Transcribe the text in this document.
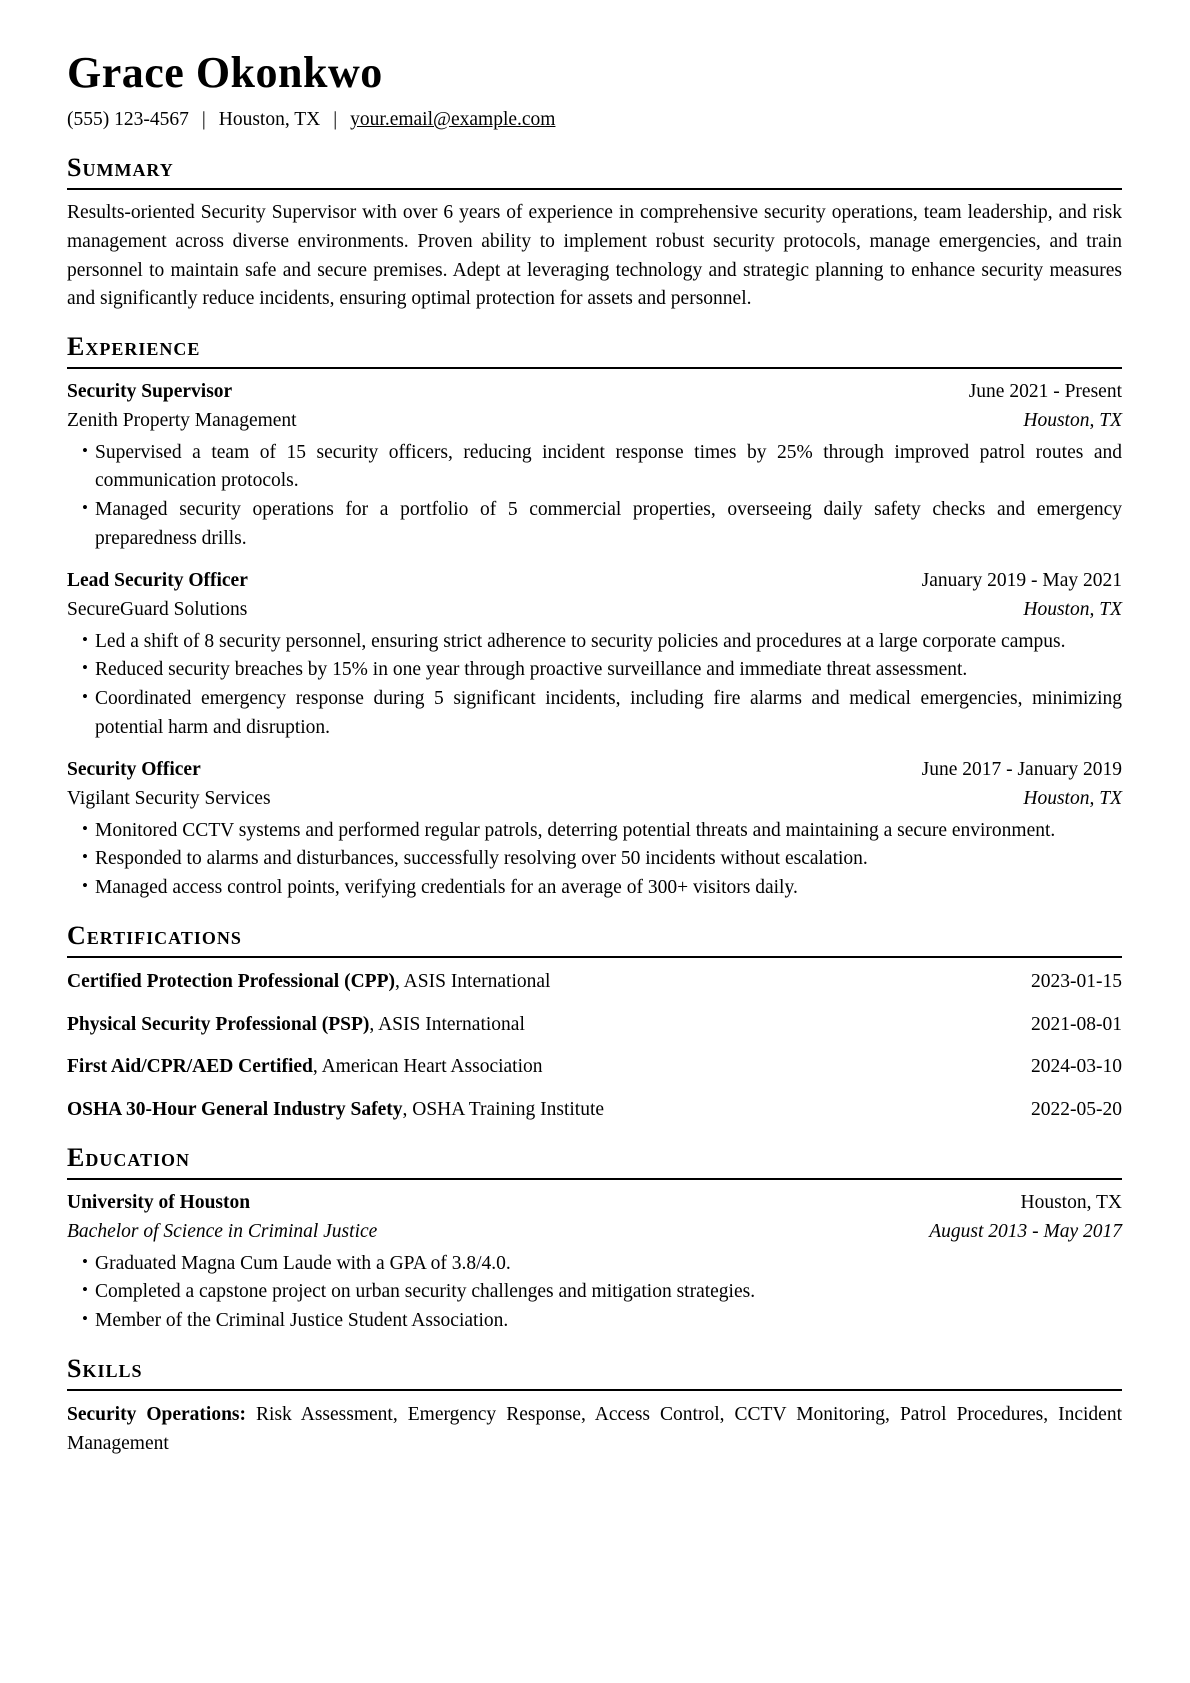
Grace Okonkwo
(555) 123-4567 | Houston, TX | your.email@example.com
Summary

Results-oriented Security Supervisor with over 6 years of experience in comprehensive security operations, team leadership, and risk management across diverse environments. Proven ability to implement robust security protocols, manage emergencies, and train personnel to maintain safe and secure premises. Adept at leveraging technology and strategic planning to enhance security measures and significantly reduce incidents, ensuring optimal protection for assets and personnel.

Experience
Security Supervisor	June 2021 - Present
Zenith Property Management	Houston, TX
• Supervised a team of 15 security officers, reducing incident response times by 25% through improved patrol routes and communication protocols.
• Managed security operations for a portfolio of 5 commercial properties, overseeing daily safety checks and emergency preparedness drills.
Lead Security Officer	January 2019 - May 2021
SecureGuard Solutions	Houston, TX
• Led a shift of 8 security personnel, ensuring strict adherence to security policies and procedures at a large corporate campus.
• Reduced security breaches by 15% in one year through proactive surveillance and immediate threat assessment.
• Coordinated emergency response during 5 significant incidents, including fire alarms and medical emergencies, minimizing potential harm and disruption.
Security Officer	June 2017 - January 2019
Vigilant Security Services	Houston, TX
• Monitored CCTV systems and performed regular patrols, deterring potential threats and maintaining a secure environment.
• Responded to alarms and disturbances, successfully resolving over 50 incidents without escalation.
• Managed access control points, verifying credentials for an average of 300+ visitors daily.
Certifications
Certified Protection Professional (CPP), ASIS International	2023-01-15
Physical Security Professional (PSP), ASIS International	2021-08-01
First Aid/CPR/AED Certified, American Heart Association	2024-03-10
OSHA 30-Hour General Industry Safety, OSHA Training Institute	2022-05-20
Education
University of Houston	Houston, TX
Bachelor of Science in Criminal Justice	August 2013 - May 2017
• Graduated Magna Cum Laude with a GPA of 3.8/4.0.
• Completed a capstone project on urban security challenges and mitigation strategies.
• Member of the Criminal Justice Student Association.
Skills

Security Operations: Risk Assessment, Emergency Response, Access Control, CCTV Monitoring, Patrol Procedures, Incident Management
